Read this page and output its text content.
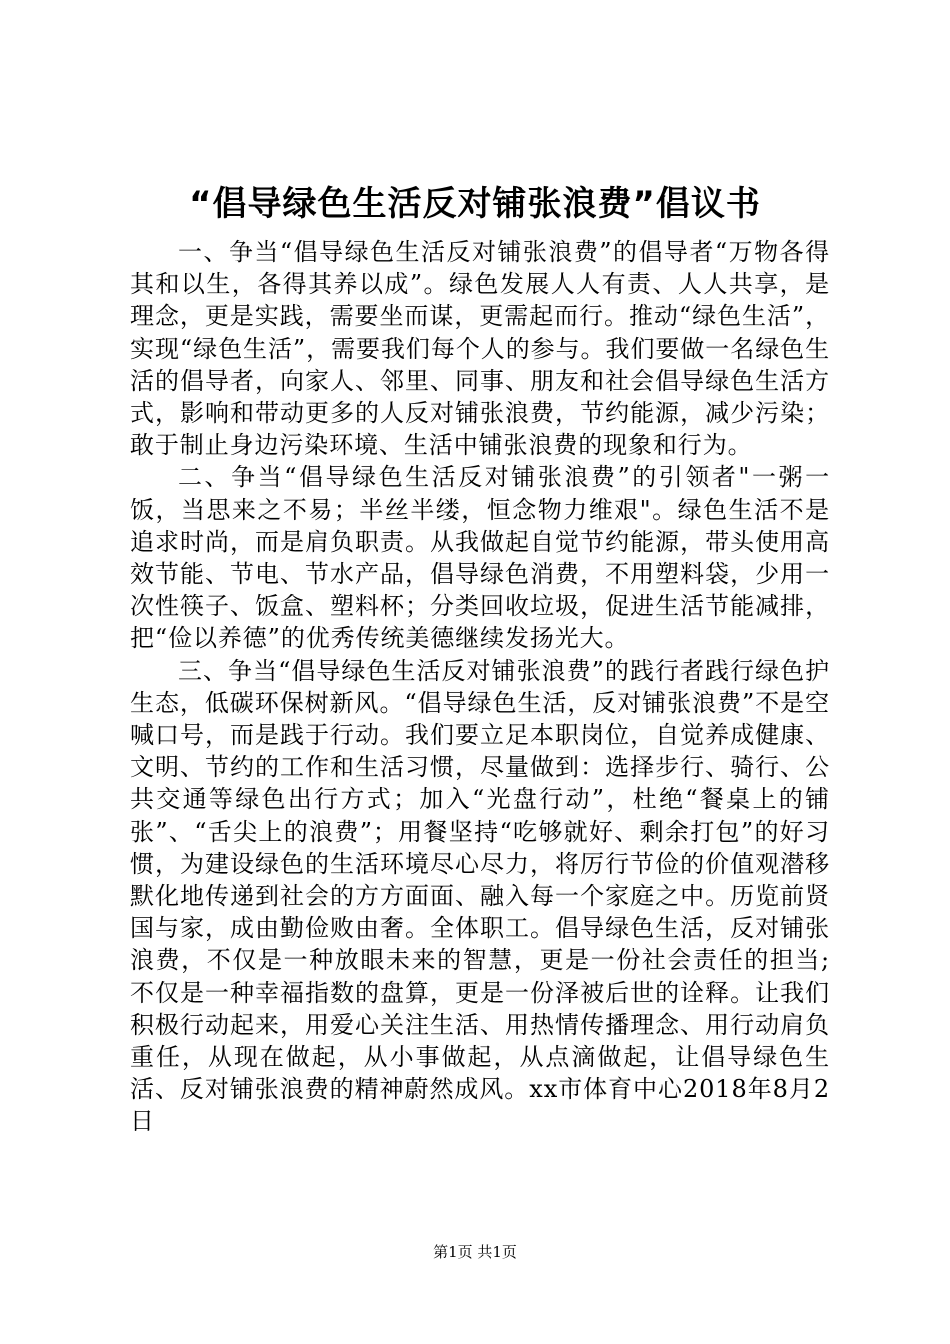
“倡导绿色生活反对铺张浪费”倡议书

一、争当“倡导绿色生活反对铺张浪费”的倡导者“万物各得其和以生，各得其养以成”。绿色发展人人有责、人人共享，是理念，更是实践，需要坐而谋，更需起而行。推动“绿色生活”，实现“绿色生活”，需要我们每个人的参与。我们要做一名绿色生活的倡导者，向家人、邻里、同事、朋友和社会倡导绿色生活方式，影响和带动更多的人反对铺张浪费，节约能源，减少污染；敢于制止身边污染环境、生活中铺张浪费的现象和行为。

二、争当“倡导绿色生活反对铺张浪费”的引领者"一粥一饭，当思来之不易；半丝半缕，恒念物力维艰"。绿色生活不是追求时尚，而是肩负职责。从我做起自觉节约能源，带头使用高效节能、节电、节水产品，倡导绿色消费，不用塑料袋，少用一次性筷子、饭盒、塑料杯；分类回收垃圾，促进生活节能减排，把“俭以养德”的优秀传统美德继续发扬光大。

三、争当“倡导绿色生活反对铺张浪费”的践行者践行绿色护生态，低碳环保树新风。“倡导绿色生活，反对铺张浪费”不是空喊口号，而是践于行动。我们要立足本职岗位，自觉养成健康、文明、节约的工作和生活习惯，尽量做到：选择步行、骑行、公共交通等绿色出行方式；加入“光盘行动”，杜绝“餐桌上的铺张”、“舌尖上的浪费”；用餐坚持“吃够就好、剩余打包”的好习惯，为建设绿色的生活环境尽心尽力，将厉行节俭的价值观潜移默化地传递到社会的方方面面、融入每一个家庭之中。历览前贤国与家，成由勤俭败由奢。全体职工。倡导绿色生活，反对铺张浪费，不仅是一种放眼未来的智慧，更是一份社会责任的担当;不仅是一种幸福指数的盘算，更是一份泽被后世的诠释。让我们积极行动起来，用爱心关注生活、用热情传播理念、用行动肩负重任，从现在做起，从小事做起，从点滴做起，让倡导绿色生活、反对铺张浪费的精神蔚然成风。xx市体育中心2018年8月2日

第1页 共1页
